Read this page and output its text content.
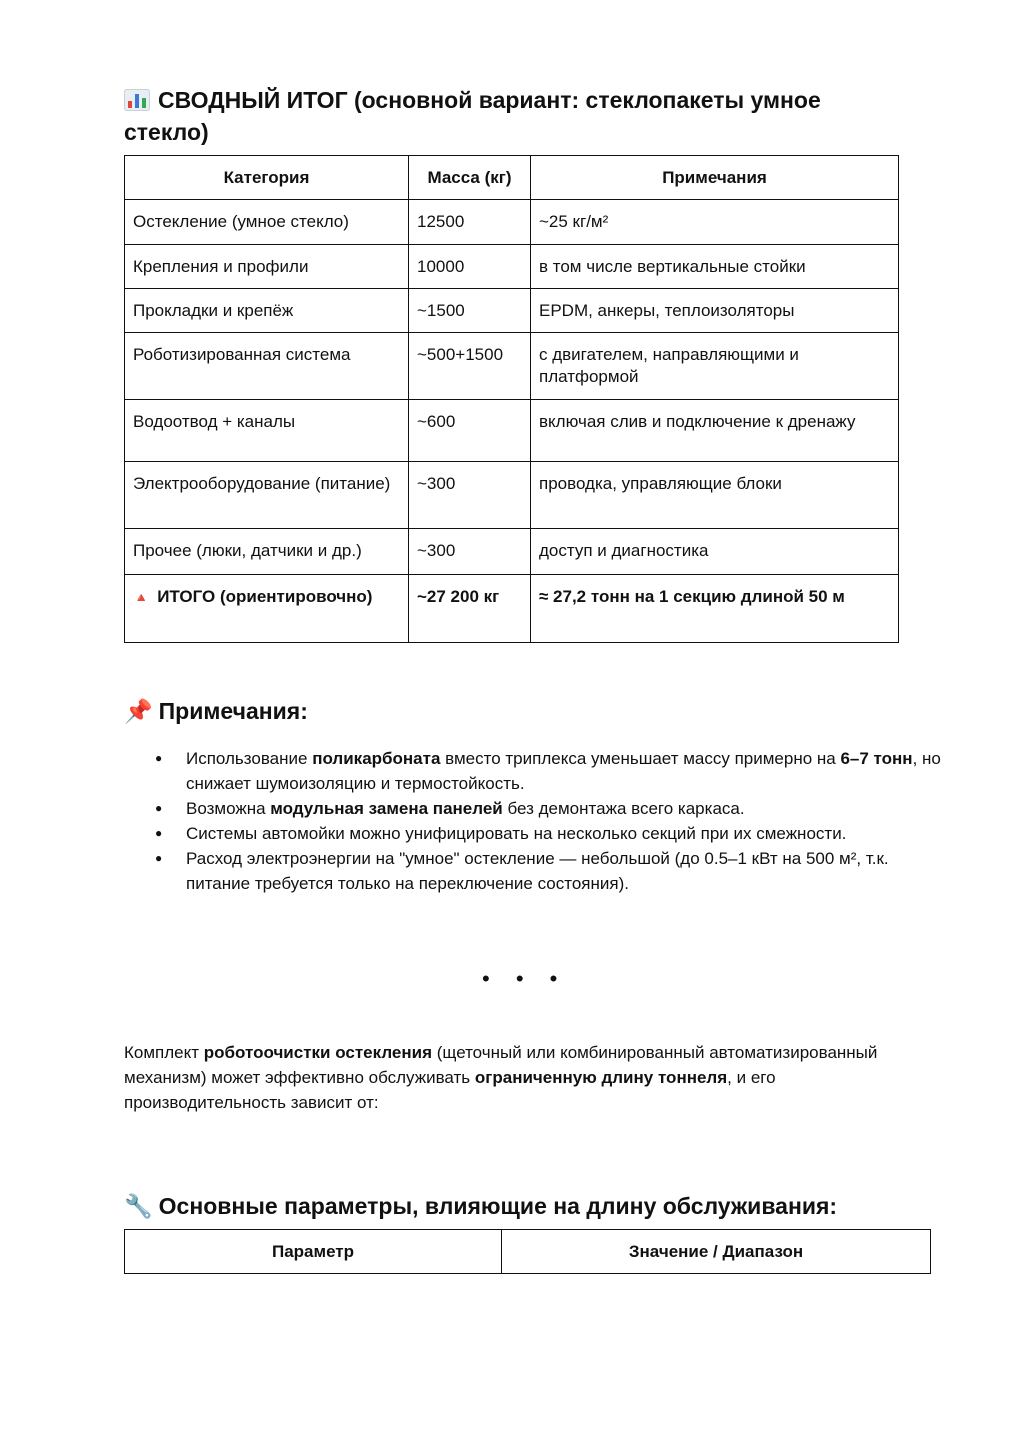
СВОДНЫЙ ИТОГ (основной вариант: стеклопакеты умное стекло)
Категория	Масса (кг)	Примечания
Остекление (умное стекло)	12500	~25 кг/м²
Крепления и профили	10000	в том числе вертикальные стойки
Прокладки и крепёж	~1500	EPDM, анкеры, теплоизоляторы
Роботизированная система	~500+1500	с двигателем, направляющими и платформой
Водоотвод + каналы	~600	включая слив и подключение к дренажу
Электрооборудование (питание)	~300	проводка, управляющие блоки
Прочее (люки, датчики и др.)	~300	доступ и диагностика
🔺 ИТОГО (ориентировочно)	~27 200 кг	≈ 27,2 тонн на 1 секцию длиной 50 м
📌 Примечания:
● Использование поликарбоната вместо триплекса уменьшает массу примерно на 6–7 тонн, но снижает шумоизоляцию и термостойкость.
● Возможна модульная замена панелей без демонтажа всего каркаса.
● Системы автомойки можно унифицировать на несколько секций при их смежности.
● Расход электроэнергии на "умное" остекление — небольшой (до 0.5–1 кВт на 500 м², т.к. питание требуется только на переключение состояния).
• • •

Комплект роботоочистки остекления (щеточный или комбинированный автоматизированный механизм) может эффективно обслуживать ограниченную длину тоннеля, и его производительность зависит от:

🔧 Основные параметры, влияющие на длину обслуживания:
Параметр	Значение / Диапазон
